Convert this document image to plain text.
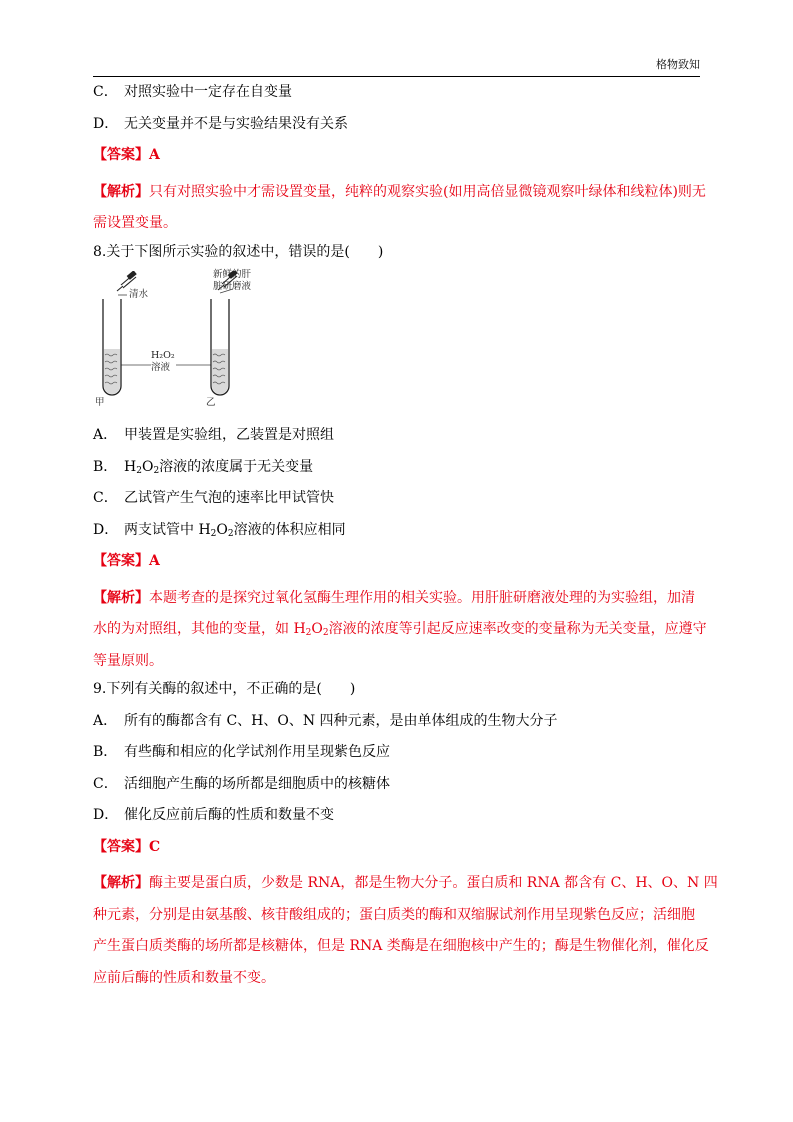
格物致知
C． 对照实验中一定存在自变量
D． 无关变量并不是与实验结果没有关系
【答案】A
【解析】只有对照实验中才需设置变量，纯粹的观察实验(如用高倍显微镜观察叶绿体和线粒体)则无
需设置变量。
8.关于下图所示实验的叙述中，错误的是(　　)
清水
新鲜的肝
脏研磨液
H₂O₂
溶液
甲	乙
A． 甲装置是实验组，乙装置是对照组
B． $H_2O_2$溶液的浓度属于无关变量
C． 乙试管产生气泡的速率比甲试管快
D． 两支试管中 $H_2O_2$溶液的体积应相同
【答案】A
【解析】本题考查的是探究过氧化氢酶生理作用的相关实验。用肝脏研磨液处理的为实验组，加清
水的为对照组，其他的变量，如 $H_2O_2$溶液的浓度等引起反应速率改变的变量称为无关变量，应遵守
等量原则。
9.下列有关酶的叙述中，不正确的是(　　)
A． 所有的酶都含有 C、H、O、N 四种元素，是由单体组成的生物大分子
B． 有些酶和相应的化学试剂作用呈现紫色反应
C． 活细胞产生酶的场所都是细胞质中的核糖体
D． 催化反应前后酶的性质和数量不变
【答案】C
【解析】酶主要是蛋白质，少数是 RNA，都是生物大分子。蛋白质和 RNA 都含有 C、H、O、N 四
种元素，分别是由氨基酸、核苷酸组成的；蛋白质类的酶和双缩脲试剂作用呈现紫色反应；活细胞
产生蛋白质类酶的场所都是核糖体，但是 RNA 类酶是在细胞核中产生的；酶是生物催化剂，催化反
应前后酶的性质和数量不变。
